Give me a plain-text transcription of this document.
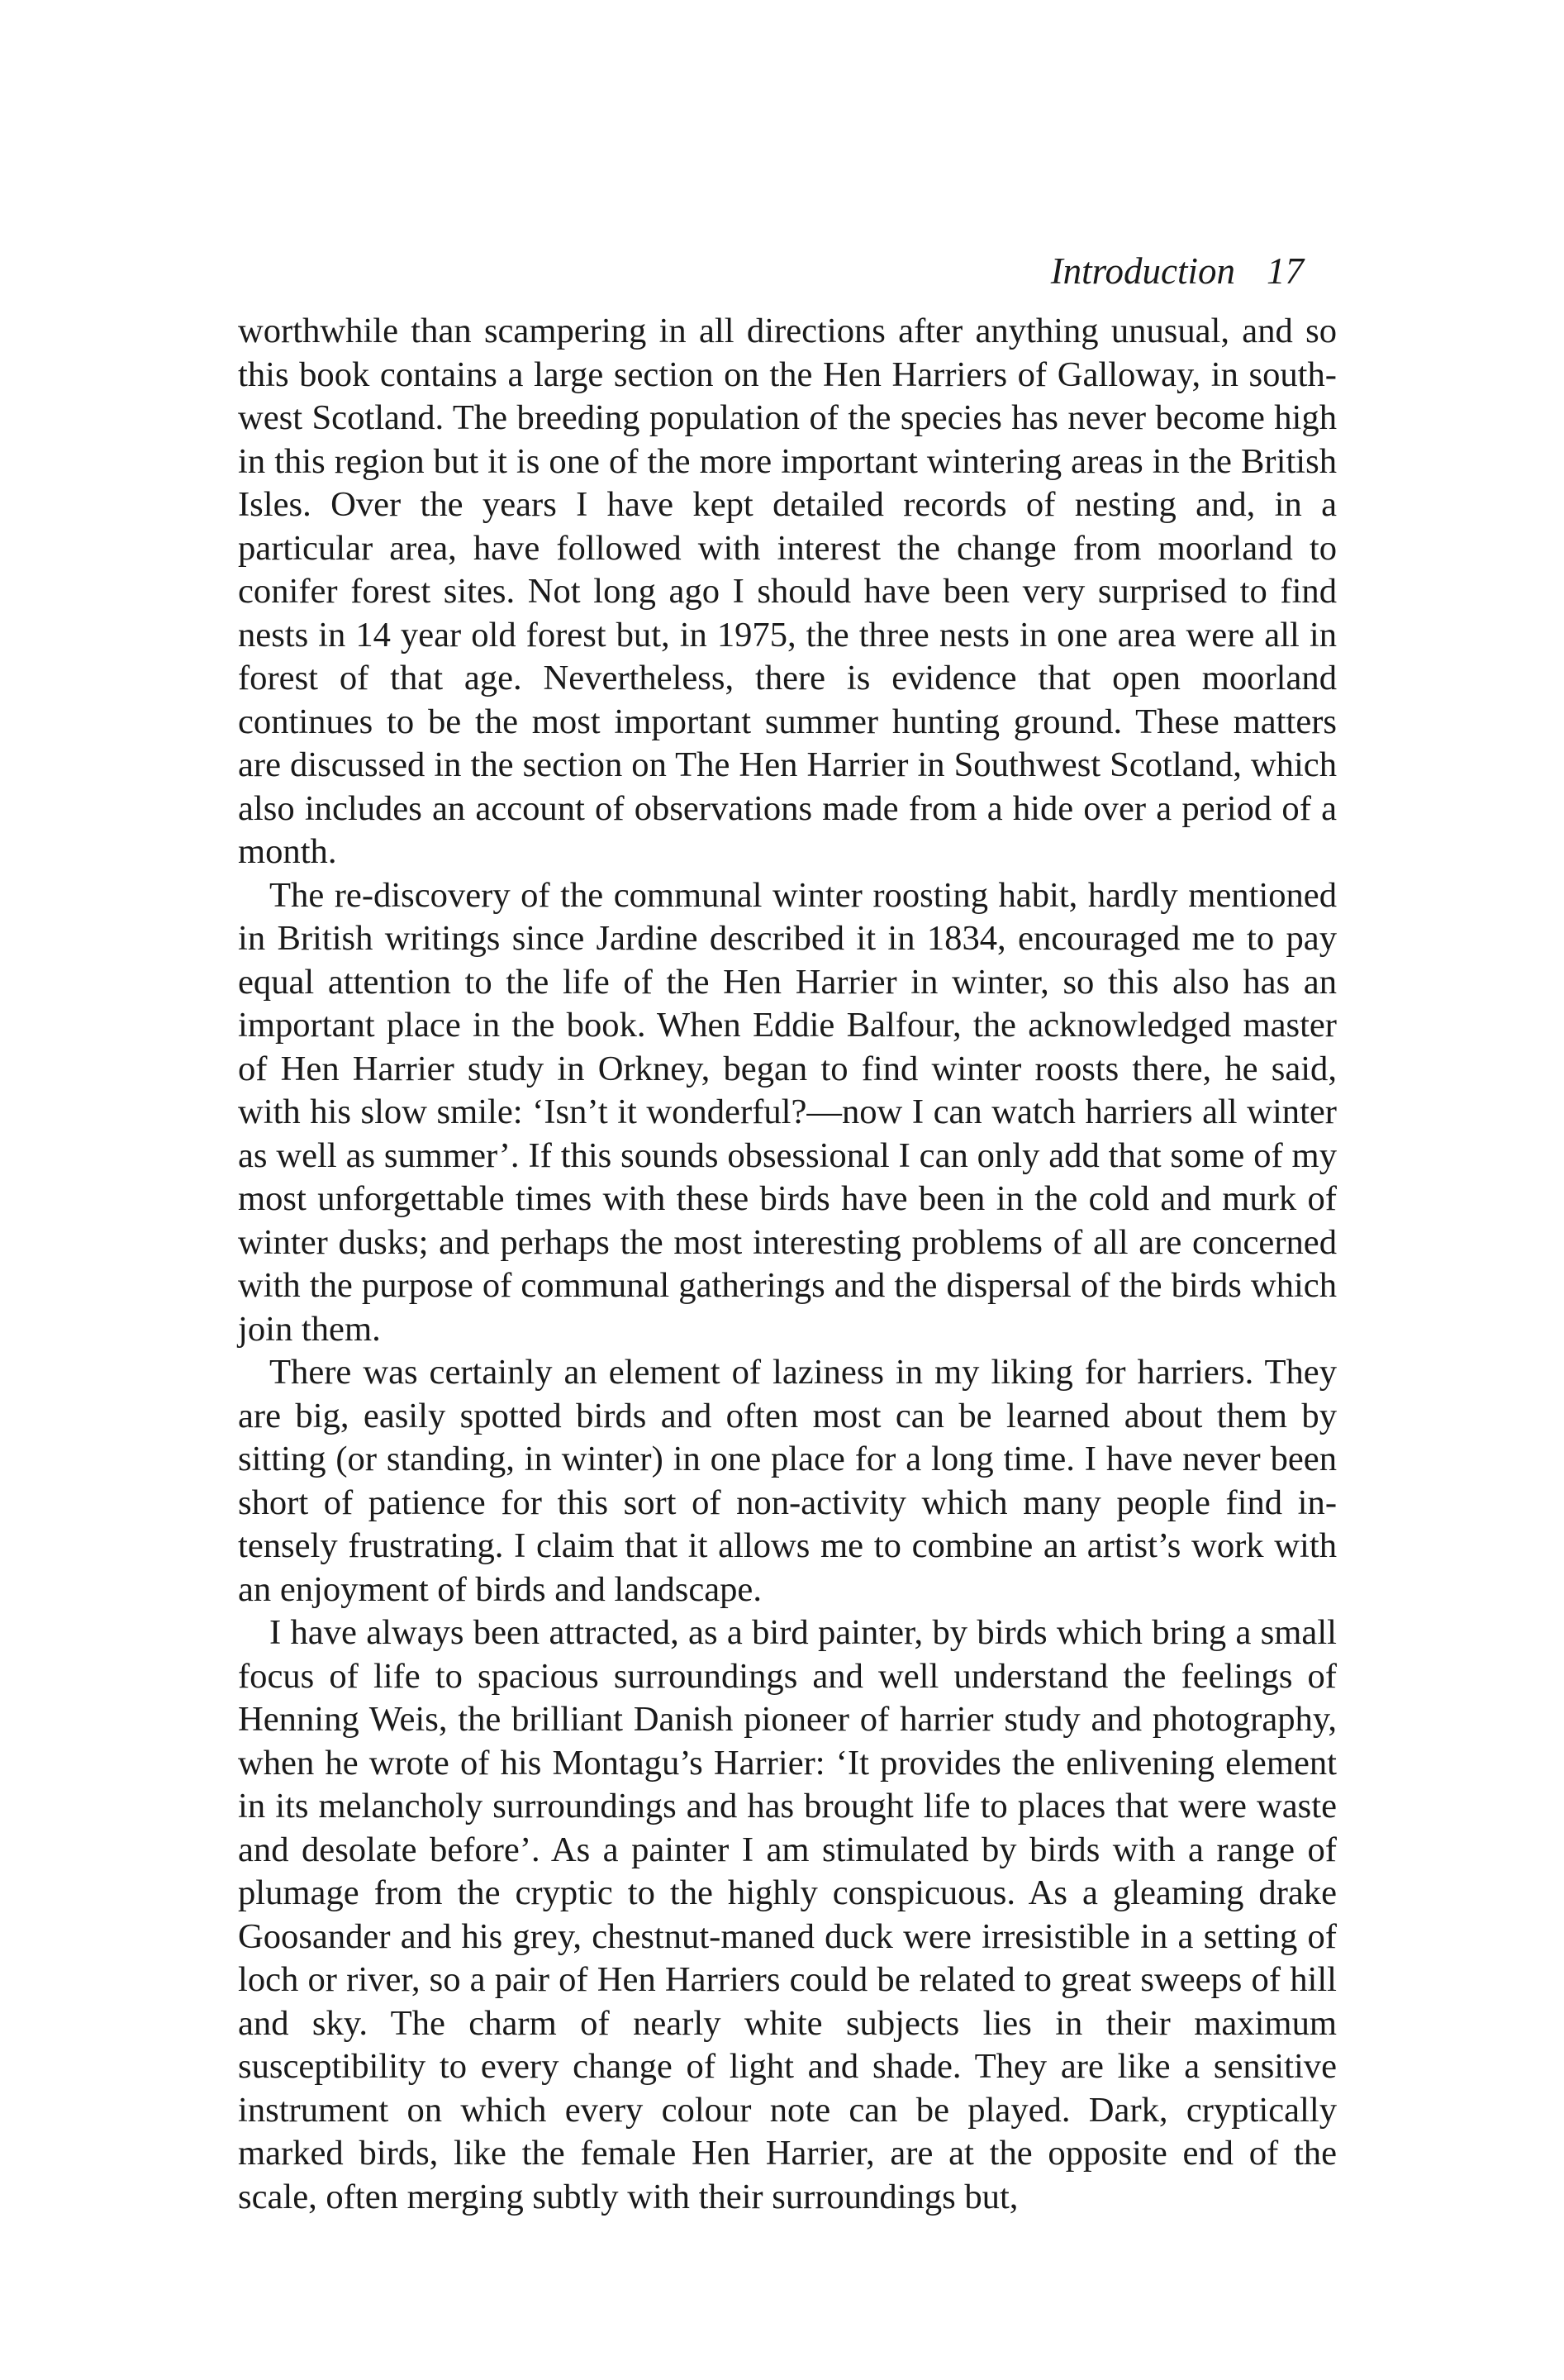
Introduction 17

worthwhile than scampering in all directions after anything unusual, and so this book contains a large section on the Hen Harriers of Galloway, in south-west Scotland. The breeding population of the species has never become high in this region but it is one of the more important wintering areas in the British Isles. Over the years I have kept detailed records of nesting and, in a particular area, have followed with interest the change from moorland to conifer forest sites. Not long ago I should have been very surprised to find nests in 14 year old forest but, in 1975, the three nests in one area were all in forest of that age. Nevertheless, there is evidence that open moorland continues to be the most important summer hunting ground. These matters are discussed in the section on The Hen Harrier in Southwest Scotland, which also includes an account of observations made from a hide over a period of a month.

The re-discovery of the communal winter roosting habit, hardly mentioned in British writings since Jardine described it in 1834, encouraged me to pay equal attention to the life of the Hen Harrier in winter, so this also has an important place in the book. When Eddie Balfour, the acknowledged master of Hen Harrier study in Orkney, began to find winter roosts there, he said, with his slow smile: ‘Isn’t it wonderful?—now I can watch harriers all winter as well as summer’. If this sounds obsessional I can only add that some of my most unforgettable times with these birds have been in the cold and murk of winter dusks; and perhaps the most interesting problems of all are concerned with the purpose of communal gatherings and the dispersal of the birds which join them.

There was certainly an element of laziness in my liking for harriers. They are big, easily spotted birds and often most can be learned about them by sitting (or standing, in winter) in one place for a long time. I have never been short of patience for this sort of non-activity which many people find intensely frustrating. I claim that it allows me to combine an artist’s work with an enjoyment of birds and landscape.

I have always been attracted, as a bird painter, by birds which bring a small focus of life to spacious surroundings and well understand the feelings of Henning Weis, the brilliant Danish pioneer of harrier study and photography, when he wrote of his Montagu’s Harrier: ‘It provides the enlivening element in its melancholy surroundings and has brought life to places that were waste and desolate before’. As a painter I am stimulated by birds with a range of plumage from the cryptic to the highly conspicuous. As a gleaming drake Goosander and his grey, chestnut-maned duck were irresistible in a setting of loch or river, so a pair of Hen Harriers could be related to great sweeps of hill and sky. The charm of nearly white subjects lies in their maximum susceptibility to every change of light and shade. They are like a sensitive instrument on which every colour note can be played. Dark, cryptically marked birds, like the female Hen Harrier, are at the opposite end of the scale, often merging subtly with their surroundings but,
